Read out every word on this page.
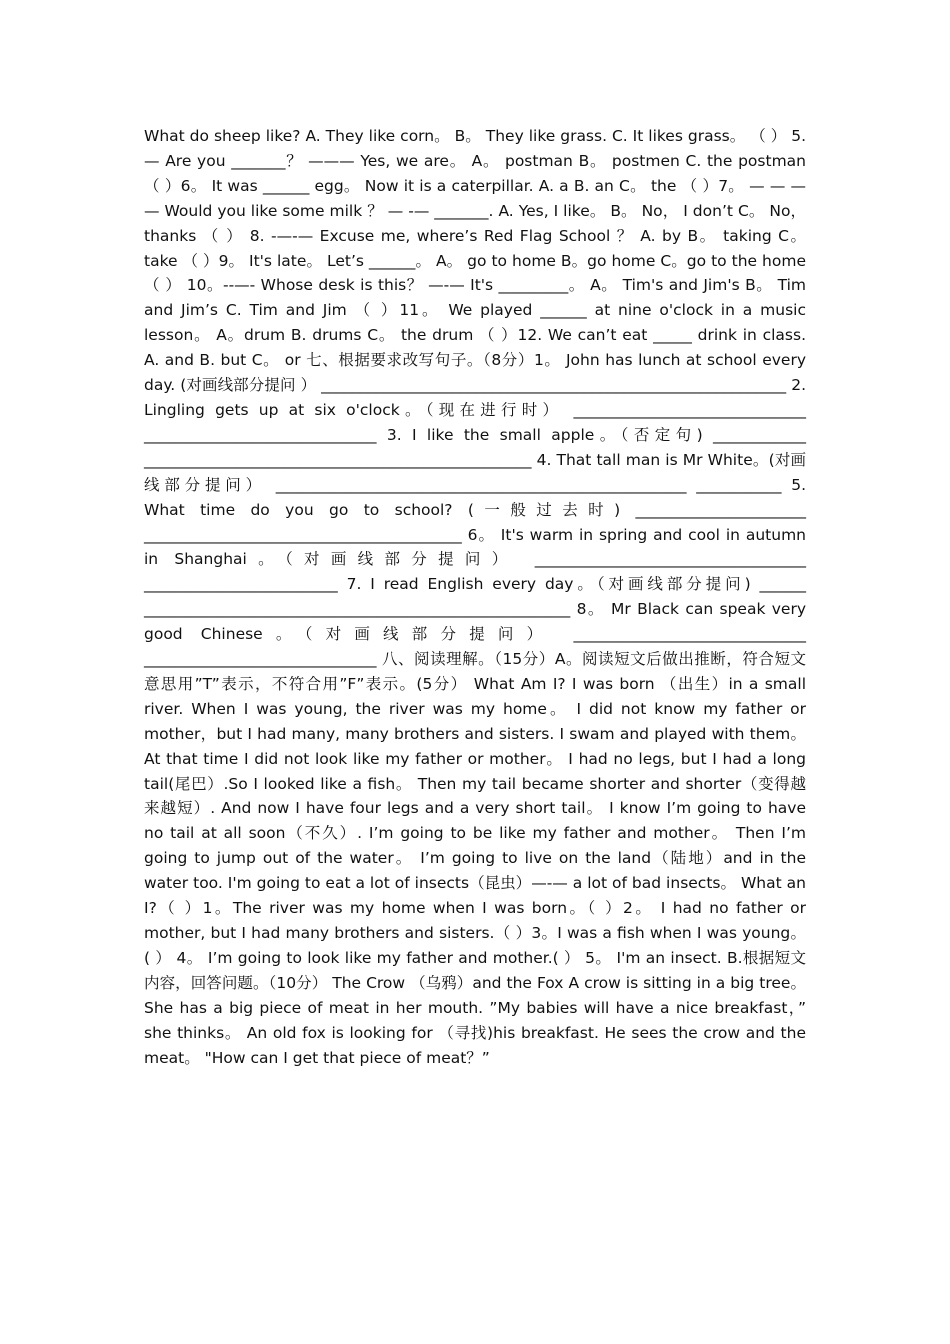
What do sheep like? A. They like corn。 B。 They like grass. C. It likes grass。 （ ） 5. — Are you _______？ ——— Yes, we are。 A。 postman B。 postmen C. the postman （ ）6。 It was ______ egg。 Now it is a caterpillar. A. a B. an C。 the （ ）7。 — — — — Would you like some milk ？ — -— _______. A. Yes, I like。 B。 No， I don’t C。 No， thanks （ ） 8. -—-— Excuse me, where’s Red Flag School ？ A. by B。 taking C。 take （ ）9。 It's late。 Let’s ______。 A。 go to home B。go home C。go to the home （ ） 10。--—- Whose desk is this？ —-— It's _________。 A。 Tim's and Jim's B。 Tim and Jim’s C. Tim and Jim （ ）11。 We played ______ at nine o'clock in a music lesson。 A。drum B. drums C。 the drum （ ）12. We can’t eat _____ drink in class. A. and B. but C。 or 七、根据要求改写句子。（8分）1。 John has lunch at school every day. (对画线部分提问 ） ____________________________________________________________ 2. Lingling gets up at six o'clock。（现在进行时） ______________________________ ______________________________ 3. I like the small apple。（否定句) ____________ __________________________________________________ 4. That tall man is Mr White。(对画线部分提问） _____________________________________________________ ___________ 5. What time do you go to school? (一般过去时) ______________________ _________________________________________ 6。 It's warm in spring and cool in autumn in Shanghai。（对画线部分提问） ___________________________________ _________________________ 7. I read English every day。（对画线部分提问) ______ _______________________________________________________ 8。 Mr Black can speak very good Chinese。（对画线部分提问） ______________________________ ______________________________ 八、阅读理解。（15分）A。阅读短文后做出推断，符合短文意思用”T”表示，不符合用”F”表示。(5分） What Am I? I was born （出生）in a small river. When I was young, the river was my home。 I did not know my father or mother，but I had many, many brothers and sisters. I swam and played with them。 At that time I did not look like my father or mother。 I had no legs, but I had a long tail(尾巴）.So I looked like a fish。 Then my tail became shorter and shorter（变得越来越短）. And now I have four legs and a very short tail。 I know I’m going to have no tail at all soon（不久）. I’m going to be like my father and mother。 Then I’m going to jump out of the water。 I’m going to live on the land（陆地）and in the water too. I'm going to eat a lot of insects（昆虫）—-— a lot of bad insects。 What an I?（ ）1。The river was my home when I was born。（ ）2。 I had no father or mother, but I had many brothers and sisters.（ ）3。I was a fish when I was young。( ） 4。 I’m going to look like my father and mother.( ） 5。 I'm an insect. B.根据短文内容，回答问题。（10分） The Crow （乌鸦）and the Fox A crow is sitting in a big tree。 She has a big piece of meat in her mouth. ”My babies will have a nice breakfast，” she thinks。 An old fox is looking for （寻找)his breakfast. He sees the crow and the meat。 "How can I get that piece of meat？”
